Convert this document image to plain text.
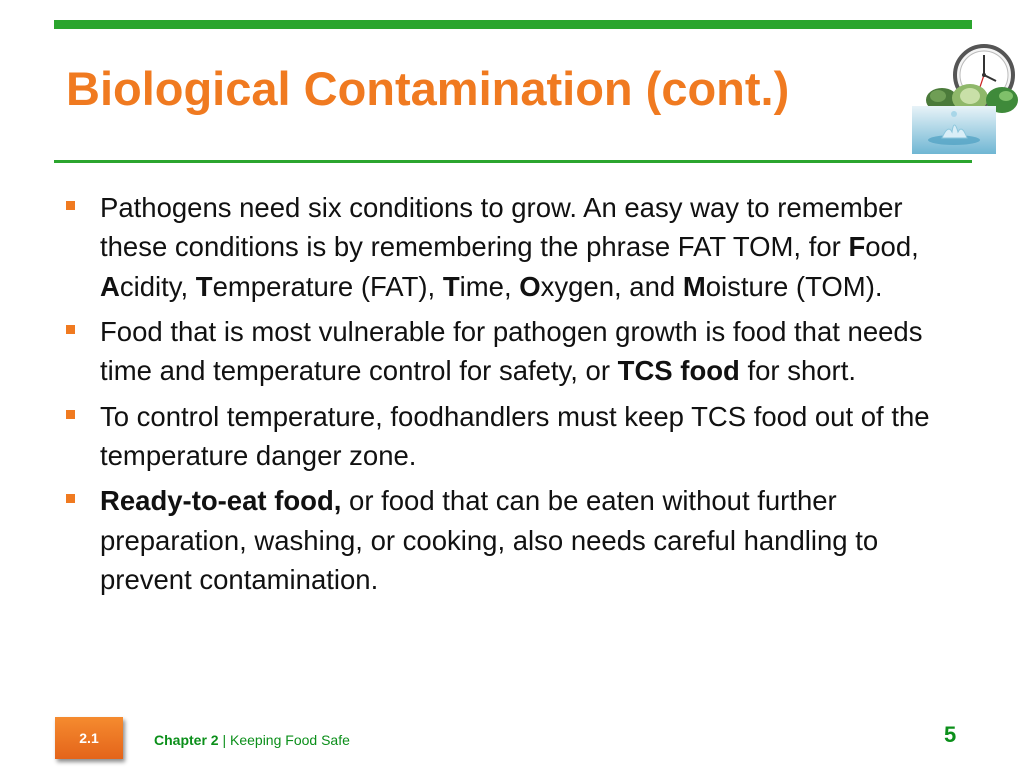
Biological Contamination (cont.)
Pathogens need six conditions to grow. An easy way to remember these conditions is by remembering the phrase FAT TOM, for Food, Acidity, Temperature (FAT), Time, Oxygen, and Moisture (TOM).
Food that is most vulnerable for pathogen growth is food that needs time and temperature control for safety, or TCS food for short.
To control temperature, foodhandlers must keep TCS food out of the temperature danger zone.
Ready-to-eat food, or food that can be eaten without further preparation, washing, or cooking, also needs careful handling to prevent contamination.
2.1	Chapter 2 | Keeping Food Safe	5
